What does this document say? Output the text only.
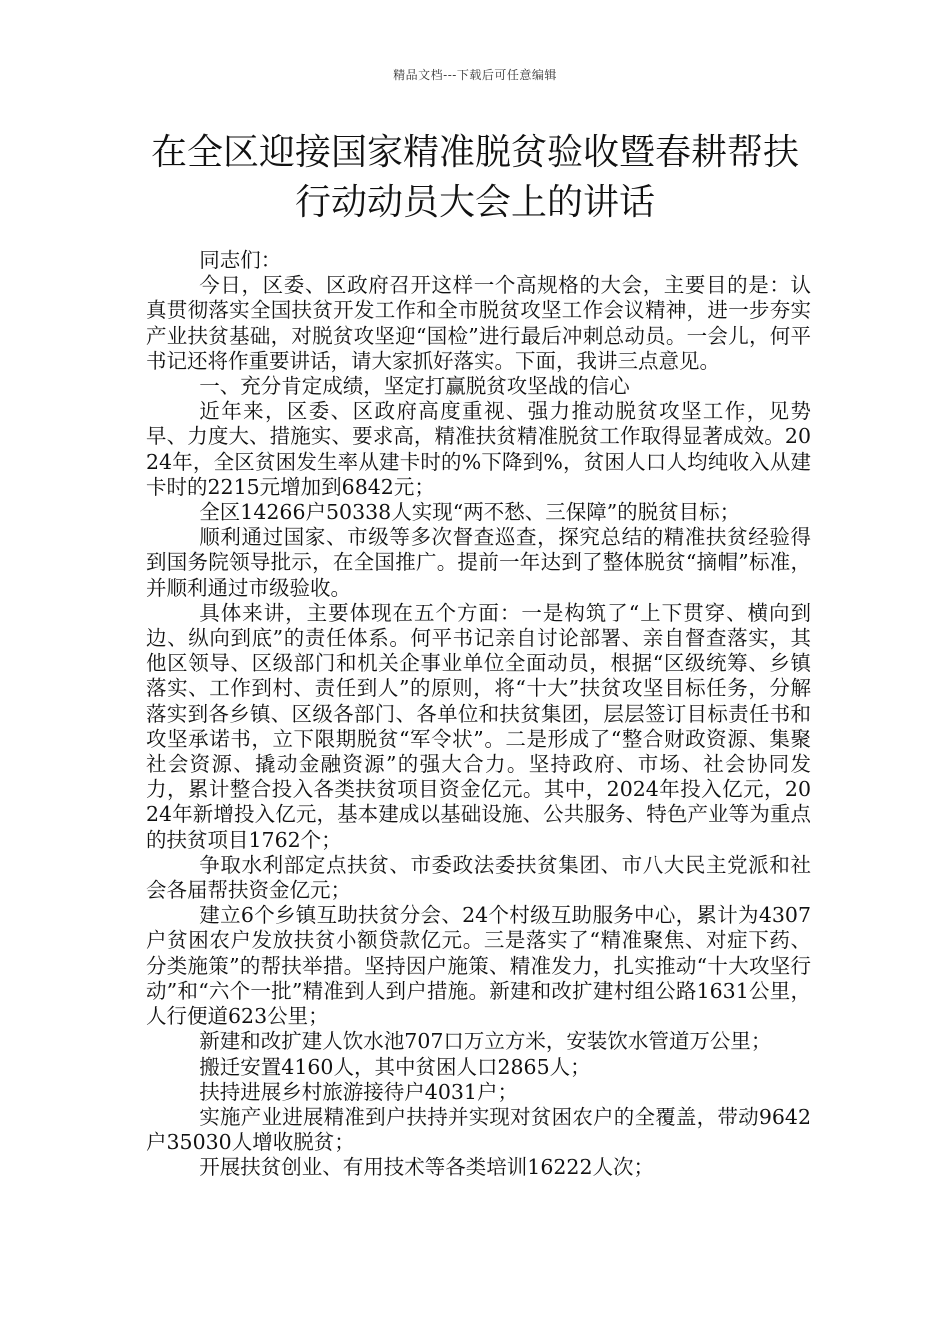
精品文档---下载后可任意编辑
在全区迎接国家精准脱贫验收暨春耕帮扶
行动动员大会上的讲话

同志们：

今日，区委、区政府召开这样一个高规格的大会，主要目的是：认真贯彻落实全国扶贫开发工作和全市脱贫攻坚工作会议精神，进一步夯实产业扶贫基础，对脱贫攻坚迎“国检”进行最后冲刺总动员。一会儿，何平书记还将作重要讲话，请大家抓好落实。下面，我讲三点意见。

一、充分肯定成绩，坚定打赢脱贫攻坚战的信心

近年来，区委、区政府高度重视、强力推动脱贫攻坚工作，见势早、力度大、措施实、要求高，精准扶贫精准脱贫工作取得显著成效。2024年，全区贫困发生率从建卡时的%下降到%，贫困人口人均纯收入从建卡时的2215元增加到6842元；

全区14266户50338人实现“两不愁、三保障”的脱贫目标；

顺利通过国家、市级等多次督查巡查，探究总结的精准扶贫经验得到国务院领导批示，在全国推广。提前一年达到了整体脱贫“摘帽”标准，并顺利通过市级验收。

具体来讲，主要体现在五个方面：一是构筑了“上下贯穿、横向到边、纵向到底”的责任体系。何平书记亲自讨论部署、亲自督查落实，其他区领导、区级部门和机关企事业单位全面动员，根据“区级统筹、乡镇落实、工作到村、责任到人”的原则，将“十大”扶贫攻坚目标任务，分解落实到各乡镇、区级各部门、各单位和扶贫集团，层层签订目标责任书和攻坚承诺书，立下限期脱贫“军令状”。二是形成了“整合财政资源、集聚社会资源、撬动金融资源”的强大合力。坚持政府、市场、社会协同发力，累计整合投入各类扶贫项目资金亿元。其中，2024年投入亿元，2024年新增投入亿元，基本建成以基础设施、公共服务、特色产业等为重点的扶贫项目1762个；

争取水利部定点扶贫、市委政法委扶贫集团、市八大民主党派和社会各届帮扶资金亿元；

建立6个乡镇互助扶贫分会、24个村级互助服务中心，累计为4307户贫困农户发放扶贫小额贷款亿元。三是落实了“精准聚焦、对症下药、分类施策”的帮扶举措。坚持因户施策、精准发力，扎实推动“十大攻坚行动”和“六个一批”精准到人到户措施。新建和改扩建村组公路1631公里，人行便道623公里；

新建和改扩建人饮水池707口万立方米，安装饮水管道万公里；

搬迁安置4160人，其中贫困人口2865人；

扶持进展乡村旅游接待户4031户；

实施产业进展精准到户扶持并实现对贫困农户的全覆盖，带动9642户35030人增收脱贫；

开展扶贫创业、有用技术等各类培训16222人次；
